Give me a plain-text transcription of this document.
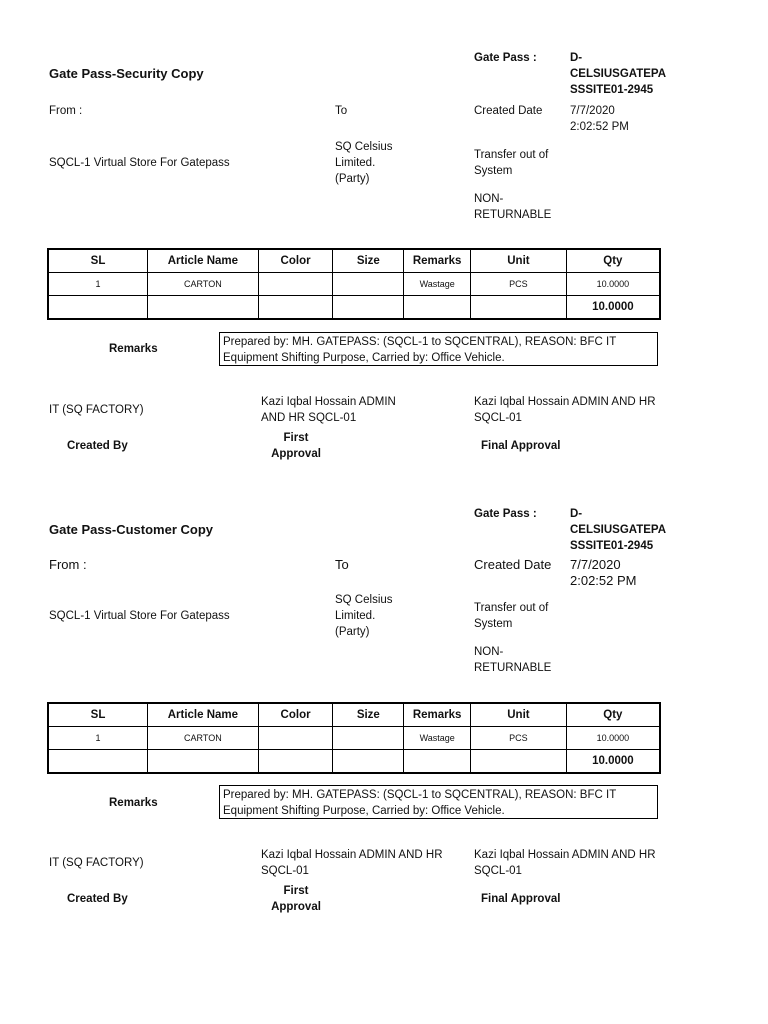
Gate Pass-Security Copy
Gate Pass :	D-
CELSIUSGATEPA
SSSITE01-2945
From :	To	Created Date 7/7/2020
2:02:52 PM
SQCL-1 Virtual Store For Gatepass
SQ Celsius
Limited.
(Party)
Transfer out of
System
NON-
RETURNABLE
SL	Article Name	Color	Size	Remarks	Unit	Qty
1	CARTON			Wastage	PCS	10.0000
						10.0000
Remarks
Prepared by: MH. GATEPASS: (SQCL-1 to SQCENTRAL), REASON: BFC IT Equipment Shifting Purpose, Carried by: Office Vehicle.
IT (SQ FACTORY)
Kazi Iqbal Hossain ADMIN
AND HR SQCL-01
Kazi Iqbal Hossain ADMIN AND HR
SQCL-01
Created By
First
Approval
Final Approval
Gate Pass-Customer Copy
Gate Pass :	D-
CELSIUSGATEPA
SSSITE01-2945
From :	To	Created Date 7/7/2020
2:02:52 PM
SQCL-1 Virtual Store For Gatepass
SQ Celsius
Limited.
(Party)
Transfer out of
System
NON-
RETURNABLE
SL	Article Name	Color	Size	Remarks	Unit	Qty
1	CARTON			Wastage	PCS	10.0000
						10.0000
Remarks
Prepared by: MH. GATEPASS: (SQCL-1 to SQCENTRAL), REASON: BFC IT Equipment Shifting Purpose, Carried by: Office Vehicle.
IT (SQ FACTORY)
Kazi Iqbal Hossain ADMIN AND HR
SQCL-01
Kazi Iqbal Hossain ADMIN AND HR
SQCL-01
Created By
First
Approval
Final Approval
